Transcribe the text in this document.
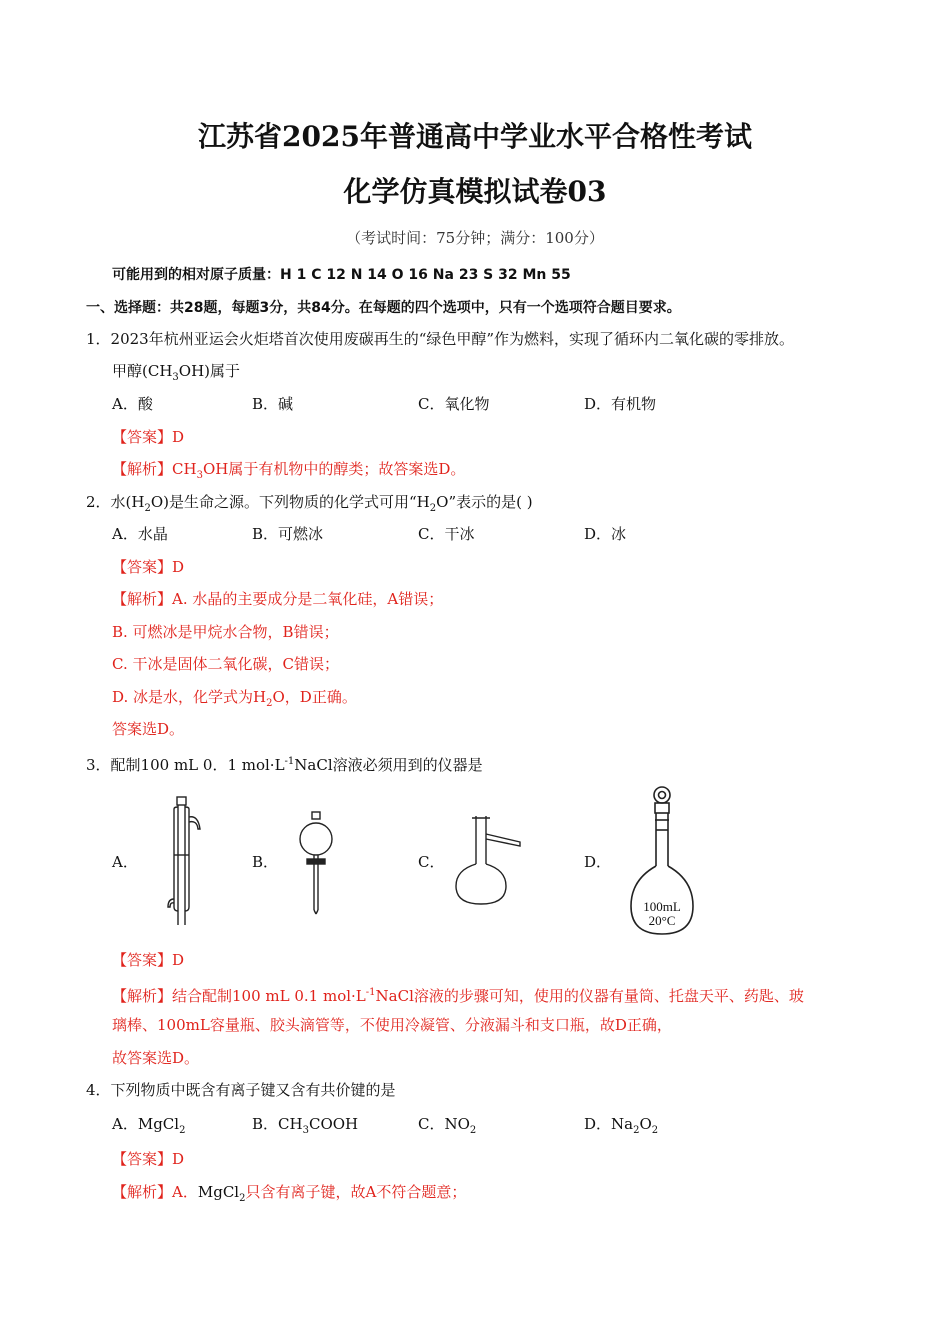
江苏省2025年普通高中学业水平合格性考试
化学仿真模拟试卷03
（考试时间：75分钟；满分：100分）
可能用到的相对原子质量：H 1 C 12 N 14 O 16 Na 23 S 32 Mn 55
一、选择题：共28题，每题3分，共84分。在每题的四个选项中，只有一个选项符合题目要求。
1．2023年杭州亚运会火炬塔首次使用废碳再生的“绿色甲醇”作为燃料，实现了循环内二氧化碳的零排放。
甲醇$(CH_3OH)$属于
A．酸	B．碱	C．氧化物	D．有机物
【答案】D
【解析】$CH_3OH$属于有机物中的醇类；故答案选D。
2．水$(H_2O)$是生命之源。下列物质的化学式可用“$H_2O$”表示的是( )
A．水晶	B．可燃冰	C．干冰	D．冰
【答案】D
【解析】A. 水晶的主要成分是二氧化硅，A错误；
B. 可燃冰是甲烷水合物，B错误；
C. 干冰是固体二氧化碳，C错误；
D. 冰是水，化学式为$H_2O$，D正确。
答案选D。
3．配制100 mL 0．1 $mol\cdot L^{-1}NaCl$溶液必须用到的仪器是
A．	B．	C．	D．
100mL
20°C
【答案】D
【解析】结合配制100 mL 0.1 $mol\cdot L^{-1}NaCl$溶液的步骤可知，使用的仪器有量筒、托盘天平、药匙、玻
璃棒、100mL容量瓶、胶头滴管等，不使用冷凝管、分液漏斗和支口瓶，故D正确，
故答案选D。
4．下列物质中既含有离子键又含有共价键的是
A．MgCl$_2$	B．$CH_3COOH$	C．$NO_2$	D．$Na_2O_2$
【答案】D
【解析】A．MgCl$_2$只含有离子键，故A不符合题意；
